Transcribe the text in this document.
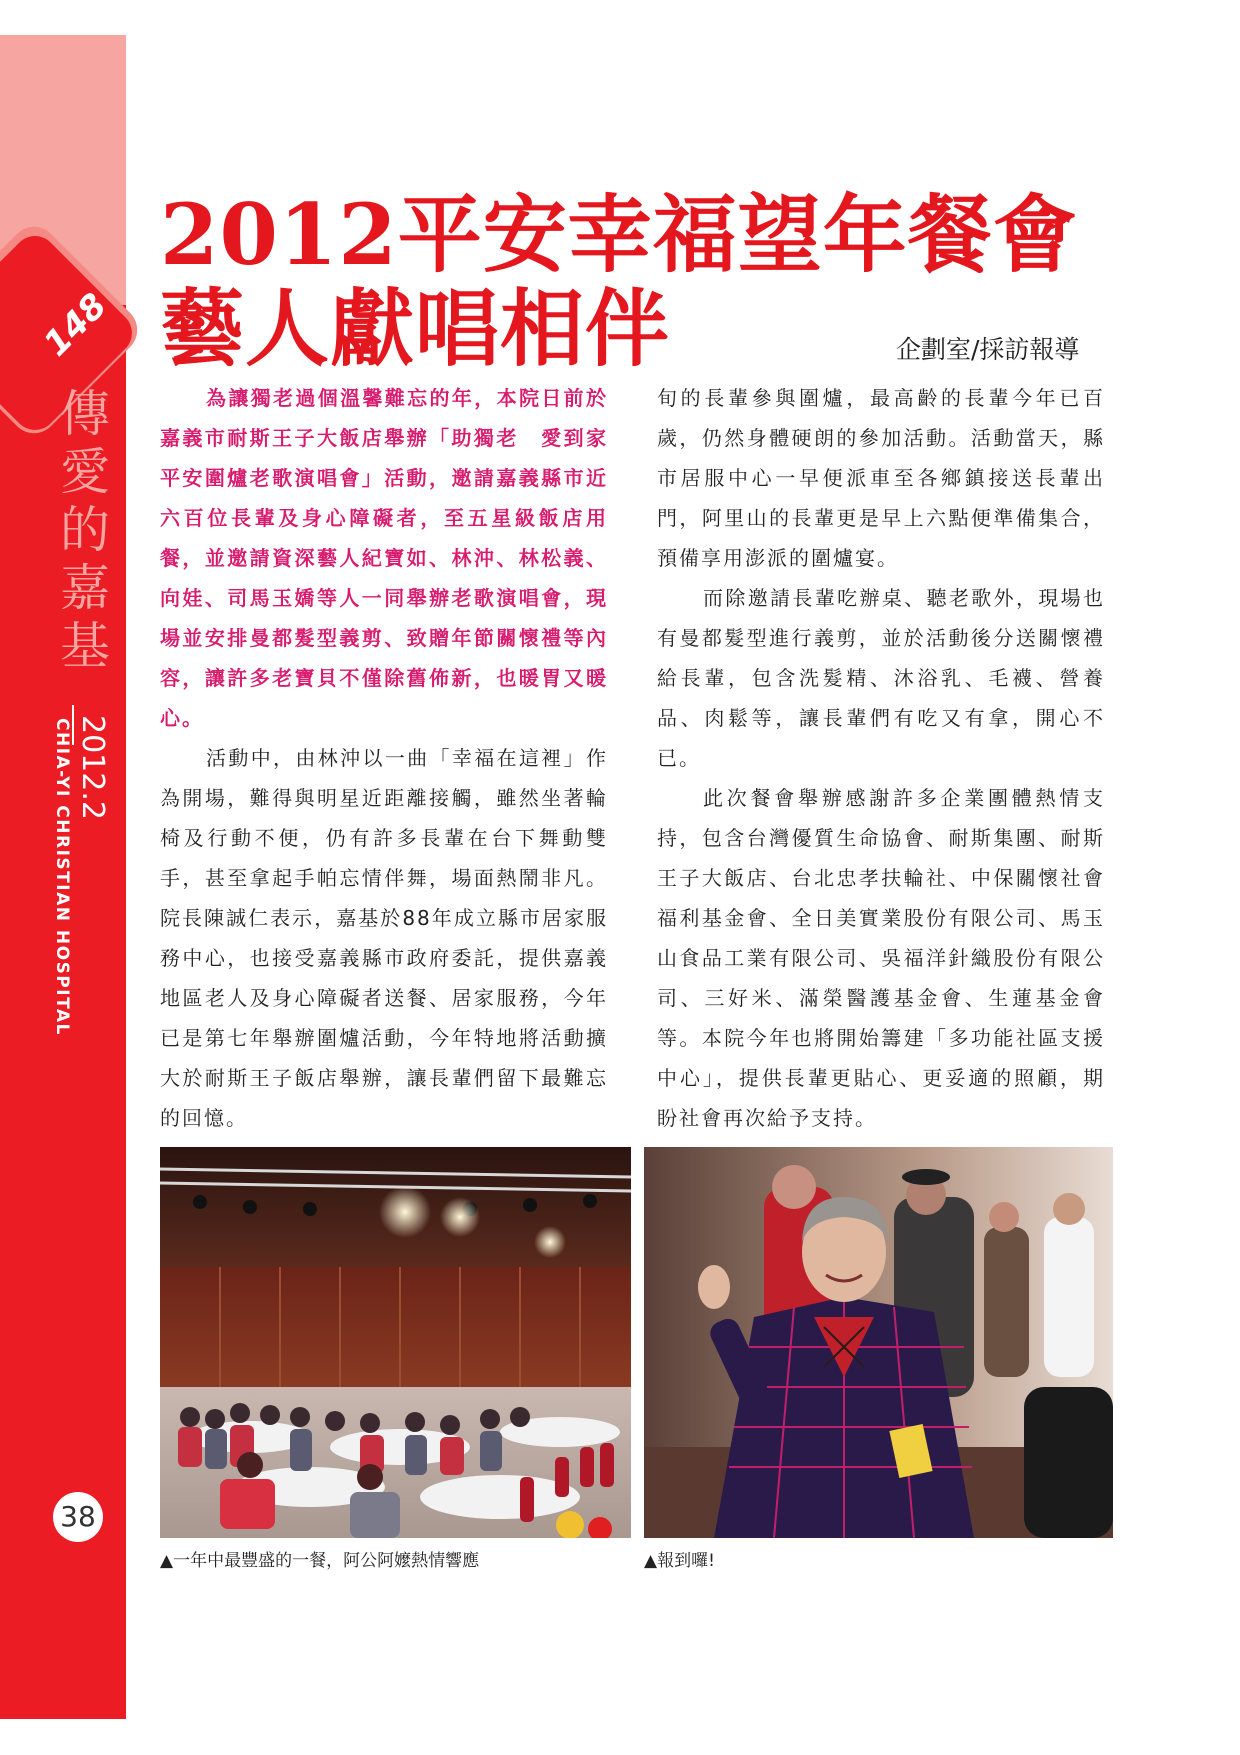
148
傳
愛
的
嘉
基
2012.2
CHIA-YI CHRISTIAN HOSPITAL
38
2012平安幸福望年餐會
藝人獻唱相伴	企劃室/採訪報導

為讓獨老過個溫馨難忘的年，本院日前於嘉義市耐斯王子大飯店舉辦「助獨老　愛到家　平安圍爐老歌演唱會」活動，邀請嘉義縣市近六百位長輩及身心障礙者，至五星級飯店用餐，並邀請資深藝人紀寶如、林沖、林松義、向娃、司馬玉嬌等人一同舉辦老歌演唱會，現場並安排曼都髮型義剪、致贈年節關懷禮等內容，讓許多老寶貝不僅除舊佈新，也暖胃又暖心。

活動中，由林沖以一曲「幸福在這裡」作為開場，難得與明星近距離接觸，雖然坐著輪椅及行動不便，仍有許多長輩在台下舞動雙手，甚至拿起手帕忘情伴舞，場面熱鬧非凡。院長陳誠仁表示，嘉基於88年成立縣市居家服務中心，也接受嘉義縣市政府委託，提供嘉義地區老人及身心障礙者送餐、居家服務，今年已是第七年舉辦圍爐活動，今年特地將活動擴大於耐斯王子飯店舉辦，讓長輩們留下最難忘的回憶。

旬的長輩參與圍爐，最高齡的長輩今年已百歲，仍然身體硬朗的參加活動。活動當天，縣市居服中心一早便派車至各鄉鎮接送長輩出門，阿里山的長輩更是早上六點便準備集合，預備享用澎派的圍爐宴。

而除邀請長輩吃辦桌、聽老歌外，現場也有曼都髮型進行義剪，並於活動後分送關懷禮給長輩，包含洗髮精、沐浴乳、毛襪、營養品、肉鬆等，讓長輩們有吃又有拿，開心不已。

此次餐會舉辦感謝許多企業團體熱情支持，包含台灣優質生命協會、耐斯集團、耐斯王子大飯店、台北忠孝扶輪社、中保關懷社會福利基金會、全日美實業股份有限公司、馬玉山食品工業有限公司、吳福洋針織股份有限公司、三好米、滿榮醫護基金會、生蓮基金會等。本院今年也將開始籌建「多功能社區支援中心」，提供長輩更貼心、更妥適的照顧，期盼社會再次給予支持。

▲一年中最豐盛的一餐，阿公阿嬤熱情響應	▲報到囉!
